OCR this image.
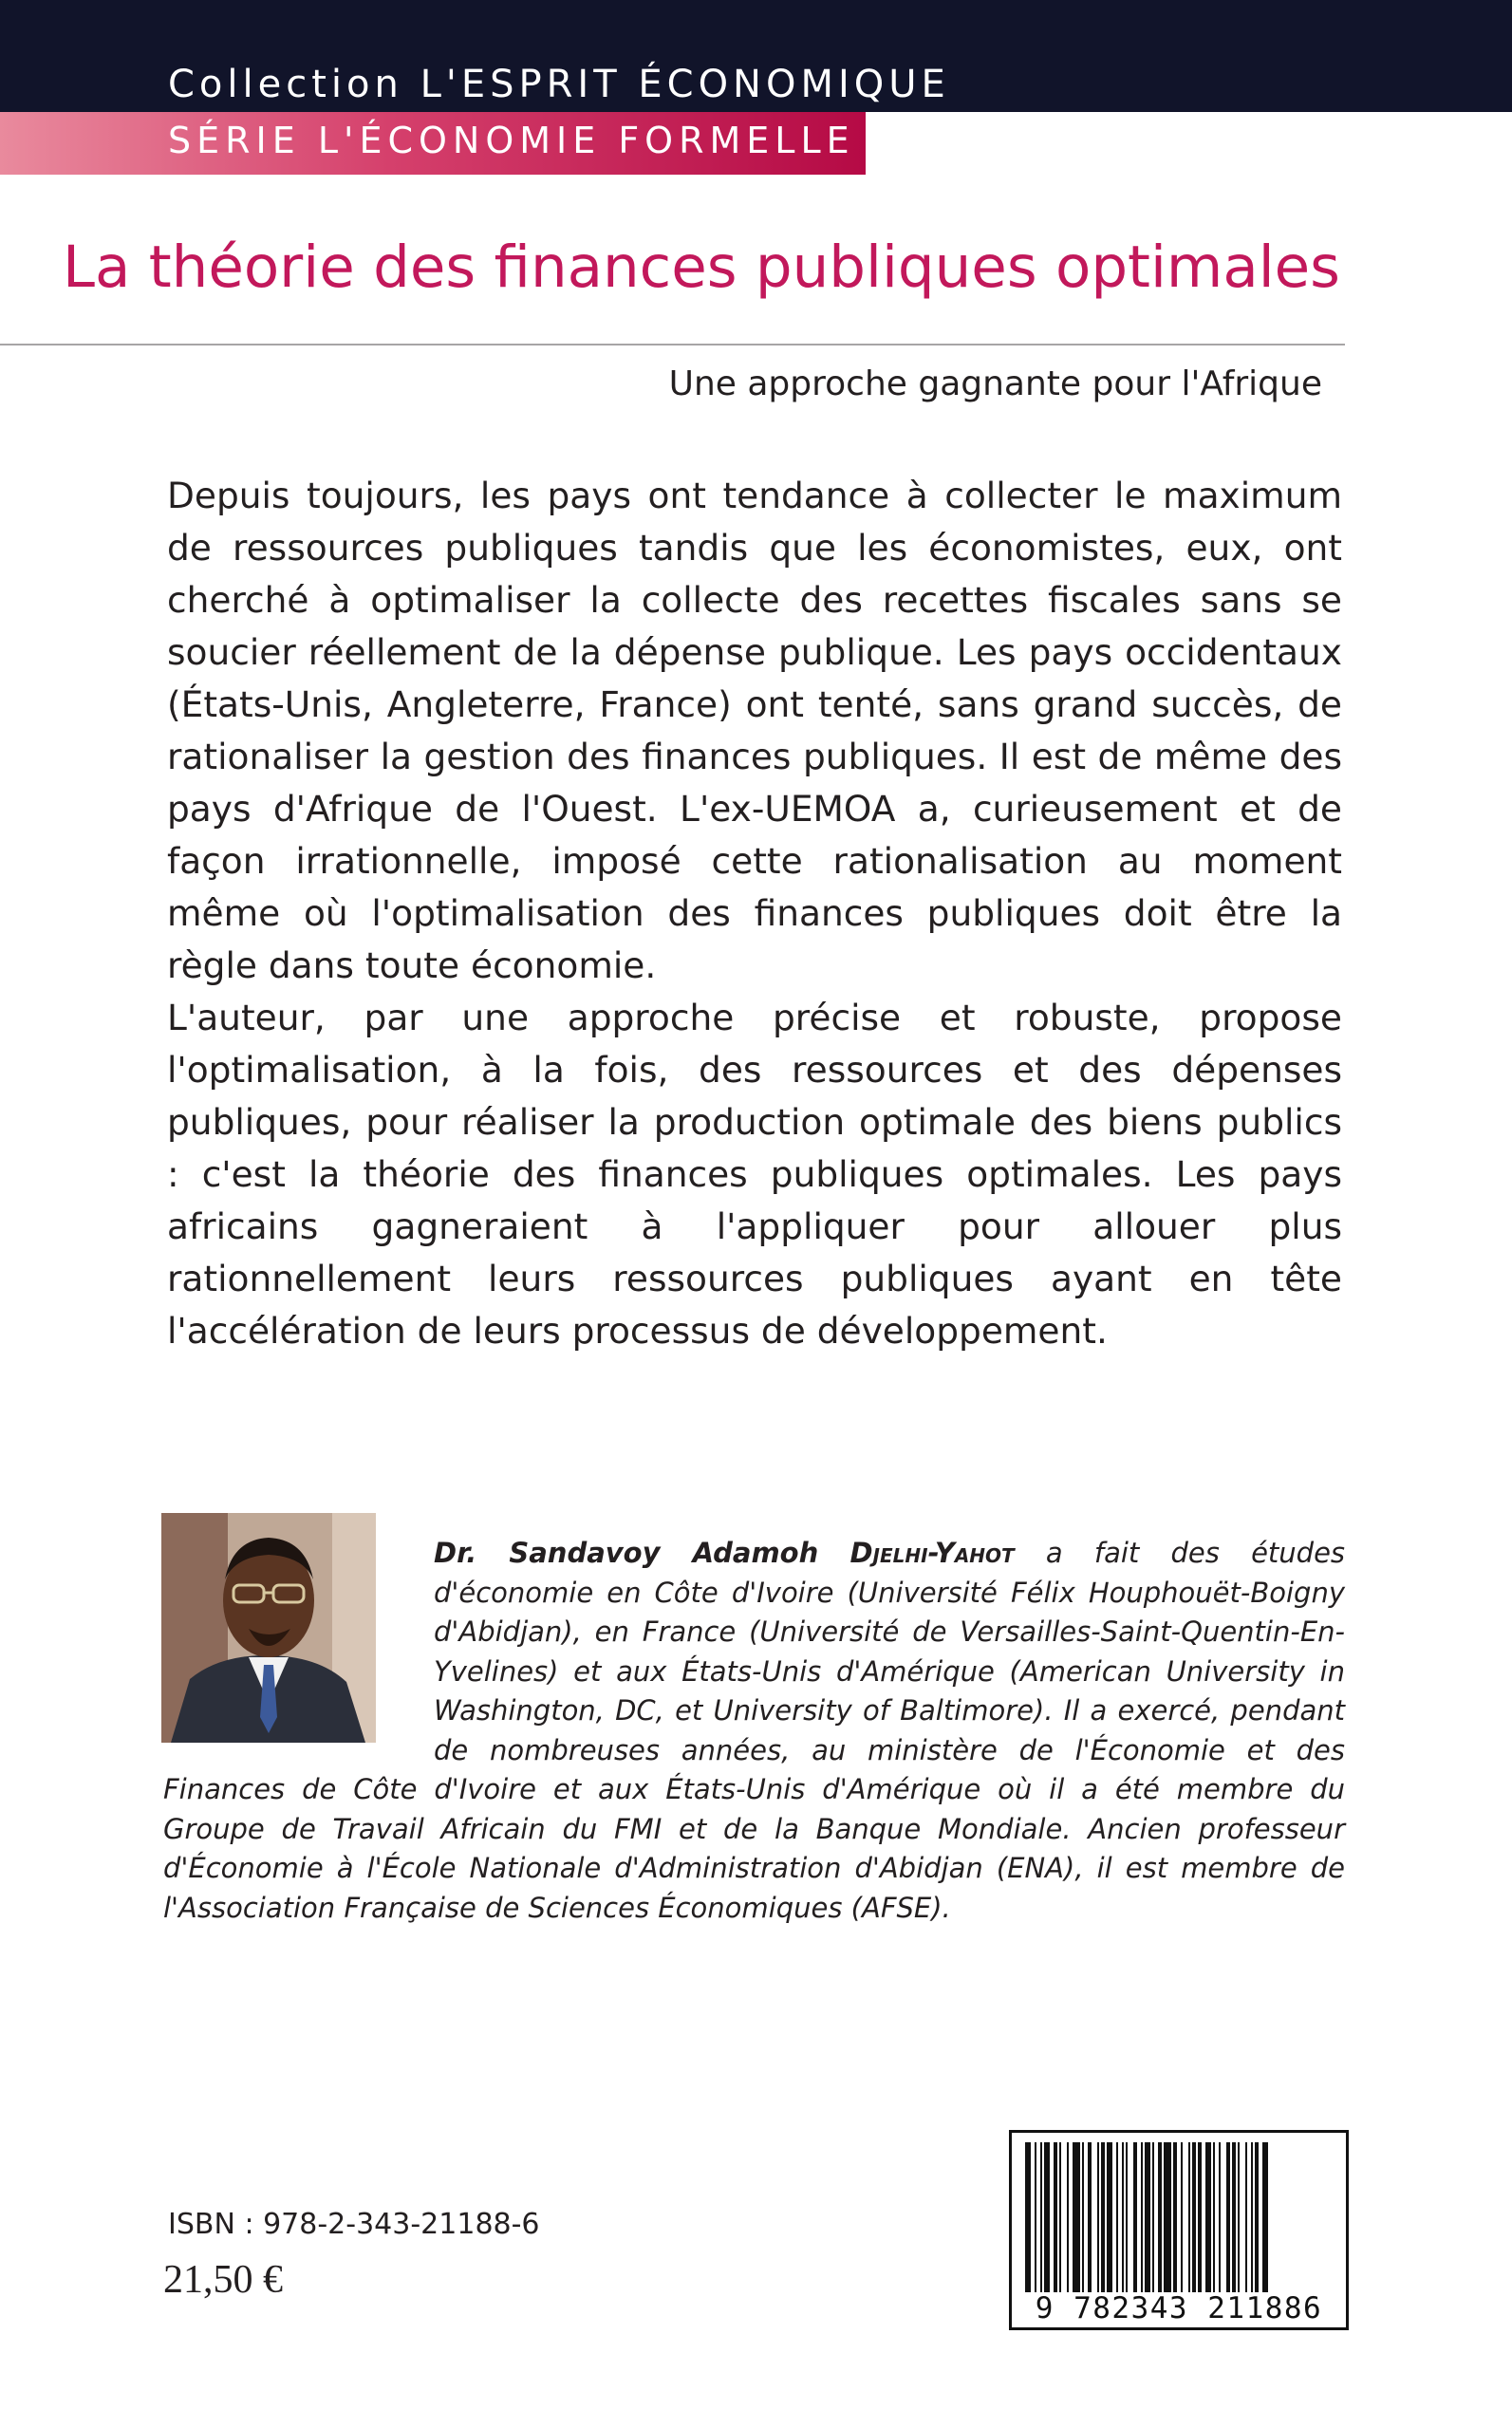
Collection L'ESPRIT ÉCONOMIQUE
SÉRIE L'ÉCONOMIE FORMELLE
La théorie des finances publiques optimales
Une approche gagnante pour l'Afrique

Depuis toujours, les pays ont tendance à collecter le maximum de ressources publiques tandis que les économistes, eux, ont cherché à optimaliser la collecte des recettes fiscales sans se soucier réellement de la dépense publique. Les pays occidentaux (États-Unis, Angleterre, France) ont tenté, sans grand succès, de rationaliser la gestion des finances publiques. Il est de même des pays d'Afrique de l'Ouest. L'ex-UEMOA a, curieusement et de façon irrationnelle, imposé cette rationalisation au moment même où l'optimalisation des finances publiques doit être la règle dans toute économie.

L'auteur, par une approche précise et robuste, propose l'optimalisation, à la fois, des ressources et des dépenses publiques, pour réaliser la production optimale des biens publics : c'est la théorie des finances publiques optimales. Les pays africains gagneraient à l'appliquer pour allouer plus rationnellement leurs ressources publiques ayant en tête l'accélération de leurs processus de développement.

Dr. Sandavoy Adamoh Djelhi-Yahot a fait des études d'économie en Côte d'Ivoire (Université Félix Houphouët-Boigny d'Abidjan), en France (Université de Versailles-Saint-Quentin-En-Yvelines) et aux États-Unis d'Amérique (American University in Washington, DC, et University of Baltimore). Il a exercé, pendant de nombreuses années, au ministère de l'Économie et des Finances de Côte d'Ivoire et aux États-Unis d'Amérique où il a été membre du Groupe de Travail Africain du FMI et de la Banque Mondiale. Ancien professeur d'Économie à l'École Nationale d'Administration d'Abidjan (ENA), il est membre de l'Association Française de Sciences Économiques (AFSE).
ISBN : 978-2-343-21188-6
21,50 €
9 782343 211886
